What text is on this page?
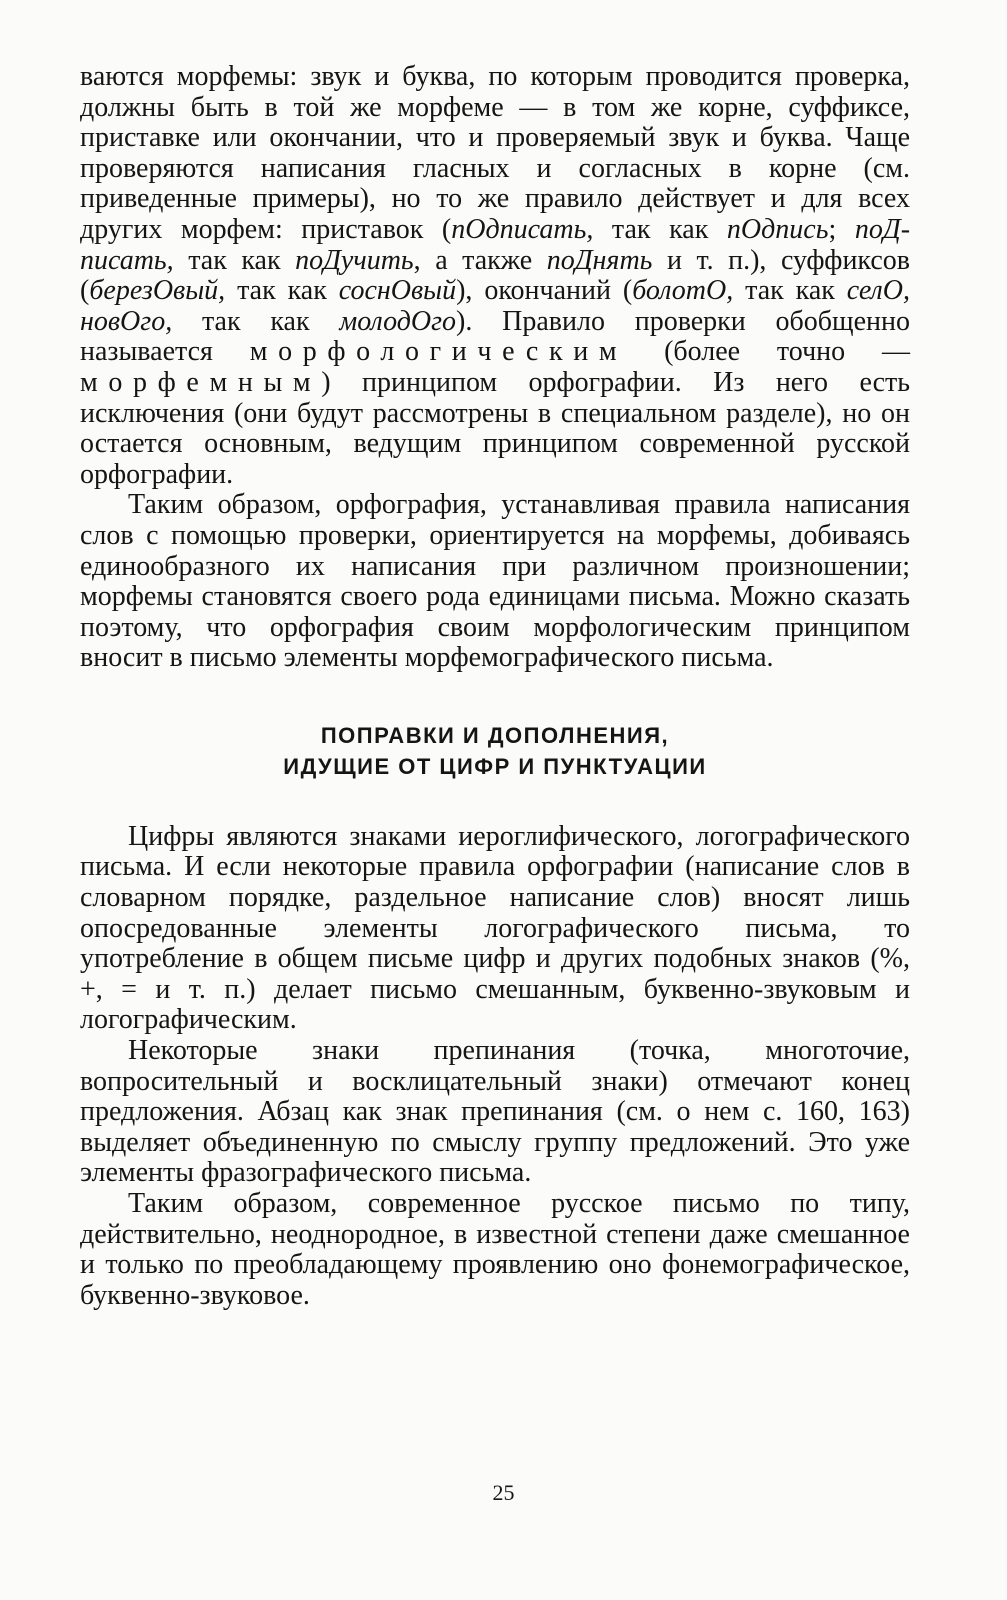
ваются морфемы: звук и буква, по которым проводится проверка, должны быть в той же морфеме — в том же корне, суффиксе, приставке или окончании, что и проверяемый звук и буква. Чаще проверяются написания гласных и согласных в корне (см. приведенные примеры), но то же правило действует и для всех других морфем: приставок (пОдписать, так как пОдпись; поДписать, так как поДучить, а также поДнять и т. п.), суффиксов (березОвый, так как соснОвый), окончаний (болотО, так как селО, новОго, так как молодОго). Правило проверки обобщенно называется морфологическим (более точно — морфемным) принципом орфографии. Из него есть исключения (они будут рассмотрены в специальном разделе), но он остается основным, ведущим принципом современной русской орфографии.

Таким образом, орфография, устанавливая правила написания слов с помощью проверки, ориентируется на морфемы, добиваясь единообразного их написания при различном произношении; морфемы становятся своего рода единицами письма. Можно сказать поэтому, что орфография своим морфологическим принципом вносит в письмо элементы морфемографического письма.

ПОПРАВКИ И ДОПОЛНЕНИЯ,
ИДУЩИЕ ОТ ЦИФР И ПУНКТУАЦИИ

Цифры являются знаками иероглифического, логографического письма. И если некоторые правила орфографии (написание слов в словарном порядке, раздельное написание слов) вносят лишь опосредованные элементы логографического письма, то употребление в общем письме цифр и других подобных знаков (%, +, = и т. п.) делает письмо смешанным, буквенно-звуковым и логографическим.

Некоторые знаки препинания (точка, многоточие, вопросительный и восклицательный знаки) отмечают конец предложения. Абзац как знак препинания (см. о нем с. 160, 163) выделяет объединенную по смыслу группу предложений. Это уже элементы фразографического письма.

Таким образом, современное русское письмо по типу, действительно, неоднородное, в известной степени даже смешанное и только по преобладающему проявлению оно фонемографическое, буквенно-звуковое.

25
